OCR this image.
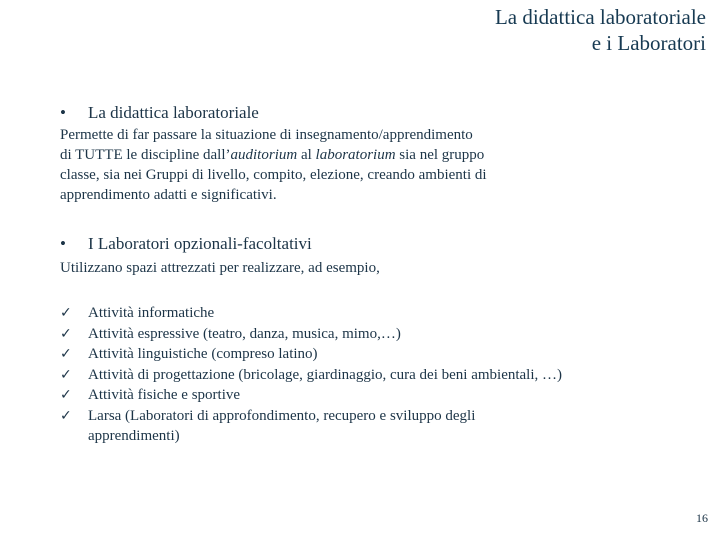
La didattica laboratoriale
e i Laboratori
• La didattica laboratoriale
Permette di far passare la situazione di insegnamento/apprendimento
di TUTTE le discipline dall’auditorium al laboratorium sia nel gruppo
classe, sia nei Gruppi di livello, compito, elezione, creando ambienti di
apprendimento adatti e significativi.
• I Laboratori opzionali-facoltativi
Utilizzano spazi attrezzati per realizzare, ad esempio,
✓	Attività informatiche
✓	Attività espressive (teatro, danza, musica, mimo,…)
✓	Attività linguistiche (compreso latino)
✓	Attività di progettazione (bricolage, giardinaggio, cura dei beni ambientali, …)
✓	Attività fisiche e sportive
✓	Larsa (Laboratori di approfondimento, recupero e sviluppo degli apprendimenti)
16
